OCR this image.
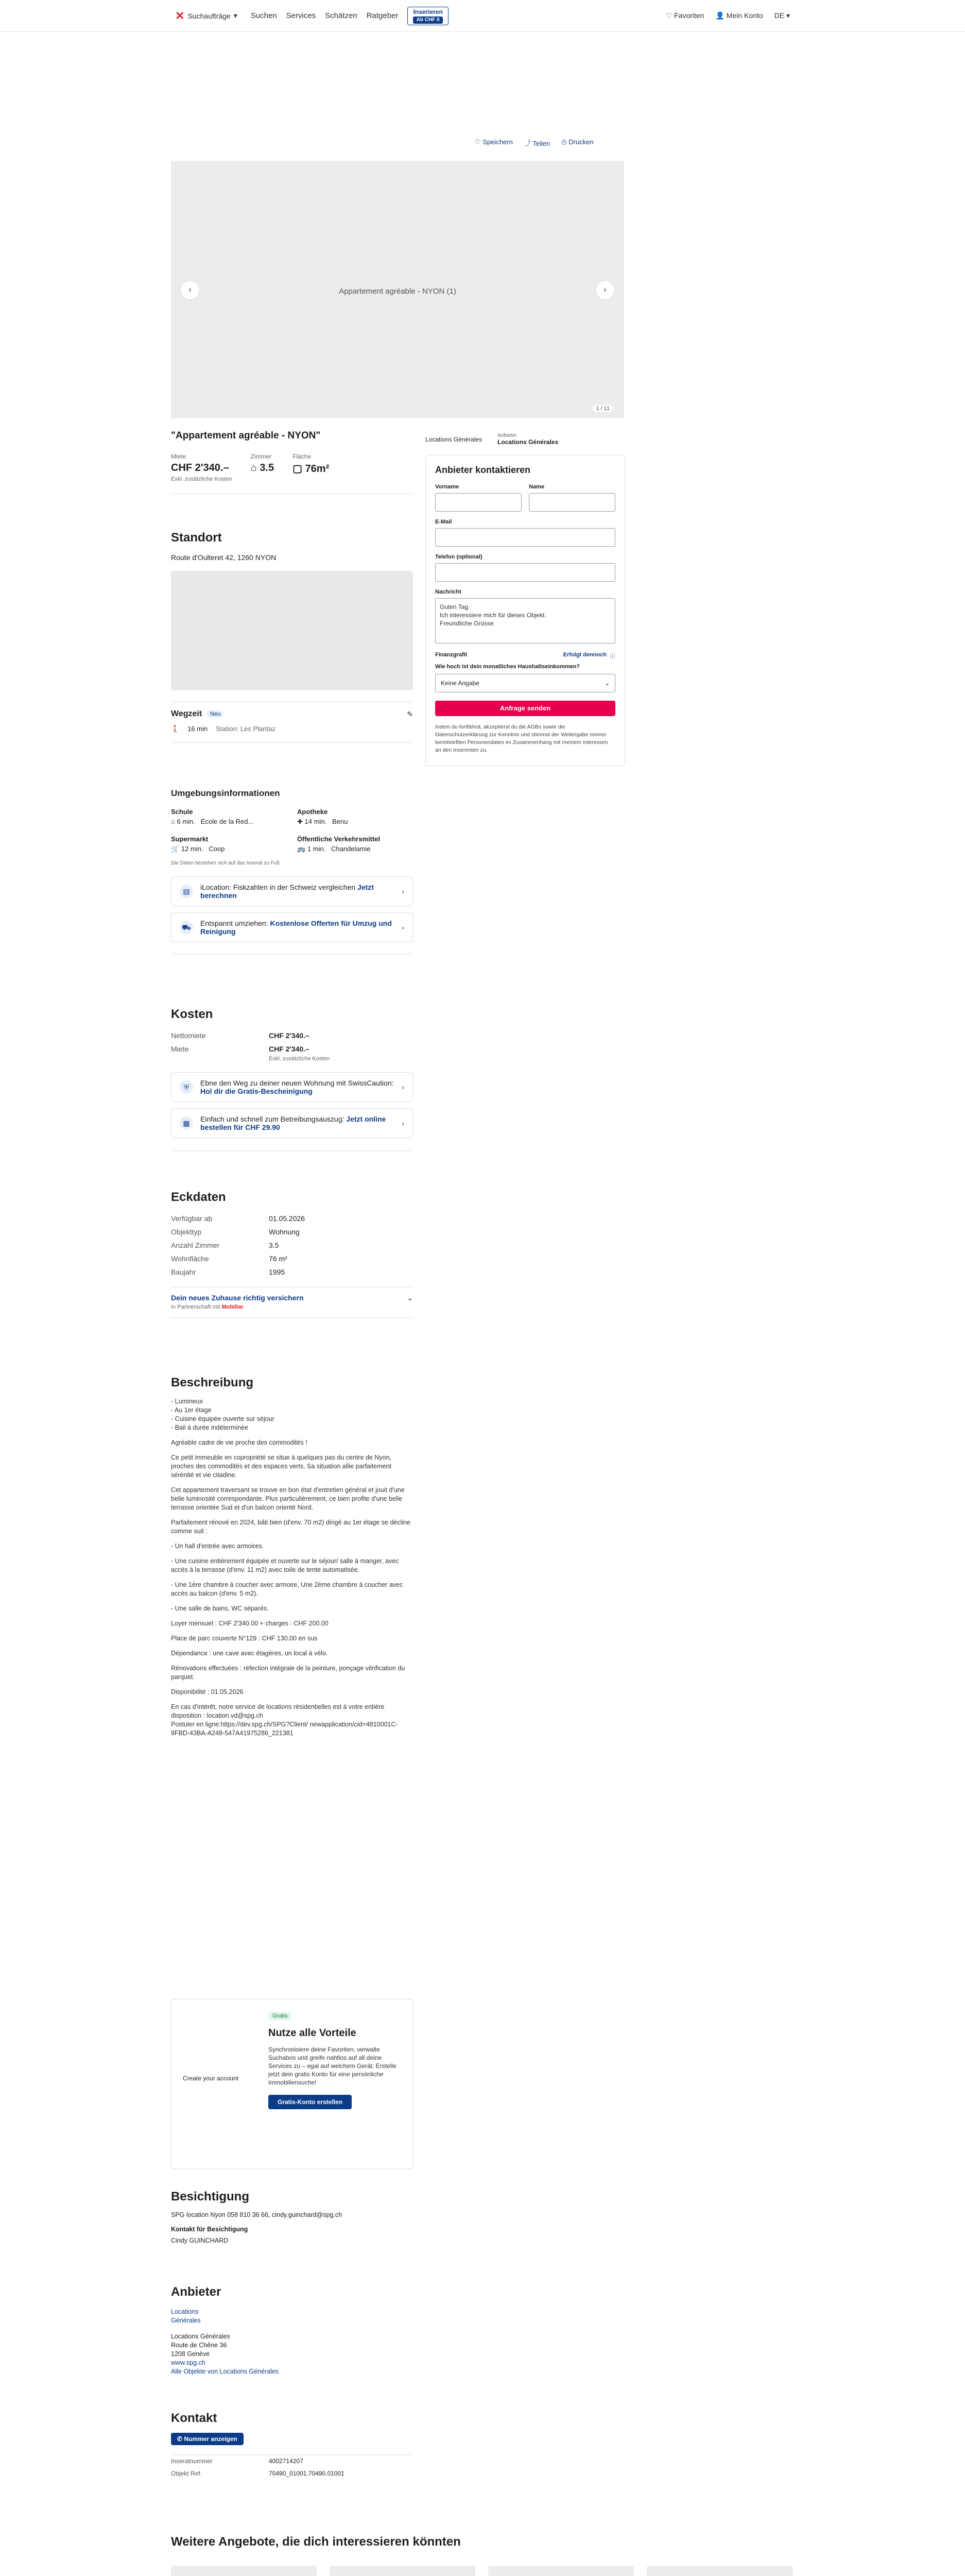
✕ Suchaufträge ▾ Suchen Services Schätzen Ratgeber	Inserieren
Ab CHF 0	♡ Favoriten 👤 Mein Konto DE ▾
♡ Speichern ⤴ Teilen ⎙ Drucken
Appartement agréable - NYON (1)
‹	›
1 / 11
"Appartement agréable - NYON"
Miete
CHF 2'340.–
Exkl. zusätzliche Kosten
Zimmer
⌂ 3.5
Fläche
▢ 76m²
Standort
Route d'Oulteret 42, 1260 NYON
Wegzeit	Neu	✎
🚶 16 min Station: Les Plantaz
Umgebungsinformationen
Schule
⌂ 6 min. École de la Red...
Apotheke
✚ 14 min. Benu
Supermarkt
🛒 12 min. Coop
Öffentliche Verkehrsmittel
🚌 1 min. Chandelamie
Die Daten beziehen sich auf das Inserat zu Fuß
▤	iLocation: Fiskzahlen in der Schweiz vergleichen Jetzt berechnen	›
⛟ Entspannt umziehen: Kostenlose Offerten für Umzug und Reinigung	›
Kosten
Nettomiete	CHF 2'340.–
Miete	CHF 2'340.–
Exkl. zusätzliche Kosten
⛨	Ebne den Weg zu deiner neuen Wohnung mit SwissCaution: Hol dir die Gratis-Bescheinigung	›
▦	Einfach und schnell zum Betreibungsauszug: Jetzt online bestellen für CHF 29.90	›
Eckdaten
Verfügbar ab	01.05.2026
Objekttyp	Wohnung
Anzahl Zimmer	3.5
Wohnfläche	76 m²
Baujahr	1995
Dein neues Zuhause richtig versichern
In Partnerschaft mit Mobiliar
⌄
Beschreibung

- Lumineux
- Au 1er étage
- Cuisine équipée ouverte sur séjour
- Bail à durée indéterminée

Agréable cadre de vie proche des commodités !

Ce petit immeuble en copropriété se situe à quelques pas du centre de Nyon, proches des commodités et des espaces verts. Sa situation allie parfaitement sérénité et vie citadine.

Cet appartement traversant se trouve en bon état d'entretien général et jouit d'une belle luminosité correspondante. Plus particulièrement, ce bien profite d'une belle terrasse orientée Sud et d'un balcon orienté Nord.

Parfaitement rénové en 2024, bâti bien (d'env. 70 m2) dirigé au 1er étage se décline comme suit :

- Un hall d'entrée avec armoires.

- Une cuisine entièrement équipée et ouverte sur le séjour/ salle à manger, avec accès à la terrasse (d'env. 11 m2) avec toile de tente automatisée.

- Une 1ère chambre à coucher avec armoire, Une 2ème chambre à coucher avec accès au balcon (d'env. 5 m2).

- Une salle de bains, WC séparés.

Loyer mensuel : CHF 2'340.00 + charges : CHF 200.00

Place de parc couverte N°129 : CHF 130.00 en sus

Dépendance : une cave avec étagères, un local à vélo.

Rénovations effectuées : réfection intégrale de la peinture, ponçage vitrification du parquet.

Disponibilité : 01.05.2026

En cas d'intérêt, notre service de locations résidentielles est à votre entière disposition : location.vd@spg.ch
Postuler en ligne:https://dev.spg.ch/SPG?Client/ newapplication/cid=4810001C-9FBD-43BA-A248-547A41975286_221381

Create your account
Gratis
Nutze alle Vorteile
Synchronisiere deine Favoriten, verwalte Suchabos und greife nahtlos auf all deine Services zu – egal auf welchem Gerät. Erstelle jetzt dein gratis Konto für eine persönliche Immobiliensuche!
Gratis-Konto erstellen
Besichtigung
SPG location Nyon 058 810 36 66, cindy.guinchard@spg.ch
Kontakt für Besichtigung
Cindy GUINCHARD
Anbieter
Locations
Générales
Locations Générales
Route de Chêne 36
1208 Genève
www.spg.ch
Alle Objekte von Locations Générales
Kontakt
✆ Nummer anzeigen
Inseratnummer	4002714207
Objekt Ref.	70490_01001.70490.01001
Weitere Angebote, die dich interessieren könnten
Locations Générales
Anbieter
Locations Générales
Anbieter kontaktieren
Vorname	Name
E-Mail
Telefon (optional)
Nachricht
Guten Tag
Ich interessiere mich für dieses Objekt.
Freundliche Grüsse
Finanzgrafit	Erfolgt dennoch ⓘ
Wie hoch ist dein monatliches Haushaltseinkommen?
Keine Angabe	⌄
Anfrage senden
Indem du fortfährst, akzeptierst du die AGBs sowie die Datenschutzerklärung zur Kenntnis und stimmst der Weitergabe meiner bereitstellten Personendaten im Zusammenhang mit meinem Interessen an den Inserenten zu.
